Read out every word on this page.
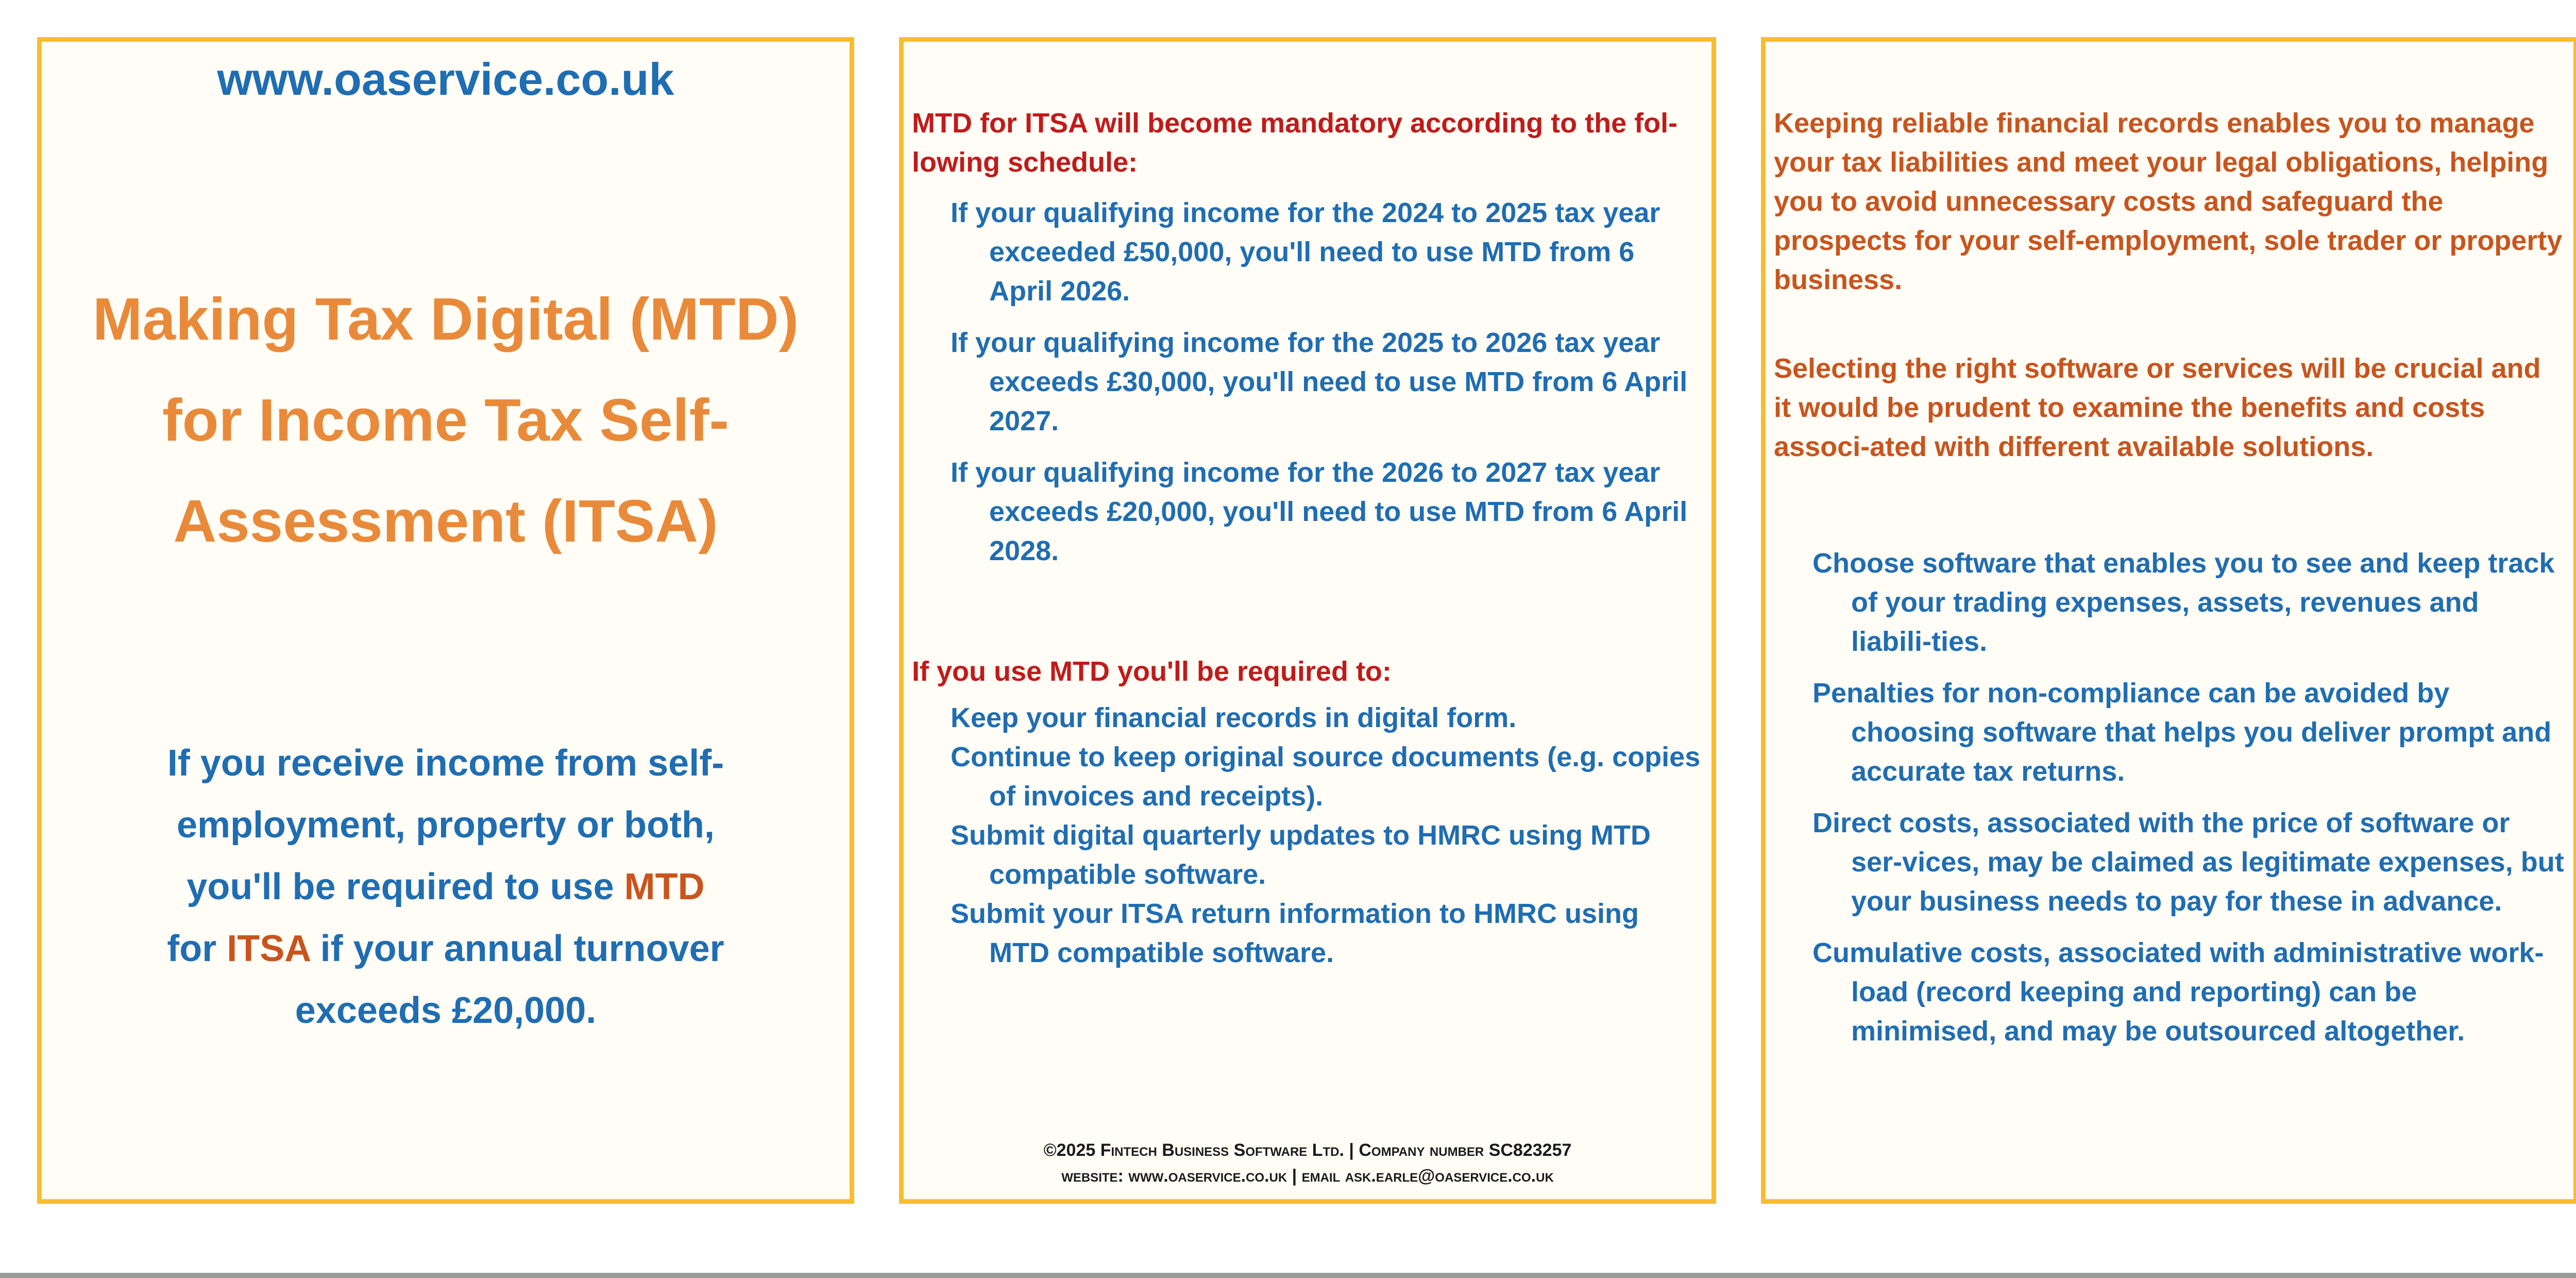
www.oaservice.co.uk
Making Tax Digital (MTD)
for Income Tax Self-
Assessment (ITSA)
If you receive income from self-
employment, property or both,
you'll be required to use MTD
for ITSA if your annual turnover
exceeds £20,000.

MTD for ITSA will become mandatory according to the fol-lowing schedule:

If your qualifying income for the 2024 to 2025 tax year exceeded £50,000, you'll need to use MTD from 6 April 2026.
If your qualifying income for the 2025 to 2026 tax year exceeds £30,000, you'll need to use MTD from 6 April 2027.
If your qualifying income for the 2026 to 2027 tax year exceeds £20,000, you'll need to use MTD from 6 April 2028.

If you use MTD you'll be required to:

Keep your financial records in digital form.
Continue to keep original source documents (e.g. copies of invoices and receipts).
Submit digital quarterly updates to HMRC using MTD compatible software.
Submit your ITSA return information to HMRC using MTD compatible software.
©2025 Fintech Business Software Ltd. | Company number SC823257
website: www.oaservice.co.uk | email ask.earle@oaservice.co.uk

Keeping reliable financial records enables you to manage your tax liabilities and meet your legal obligations, helping you to avoid unnecessary costs and safeguard the prospects for your self-employment, sole trader or property business.

Selecting the right software or services will be crucial and it would be prudent to examine the benefits and costs associ-ated with different available solutions.

Choose software that enables you to see and keep track of your trading expenses, assets, revenues and liabili-ties.
Penalties for non-compliance can be avoided by choosing software that helps you deliver prompt and accurate tax returns.
Direct costs, associated with the price of software or ser-vices, may be claimed as legitimate expenses, but your business needs to pay for these in advance.
Cumulative costs, associated with administrative work-load (record keeping and reporting) can be minimised, and may be outsourced altogether.
